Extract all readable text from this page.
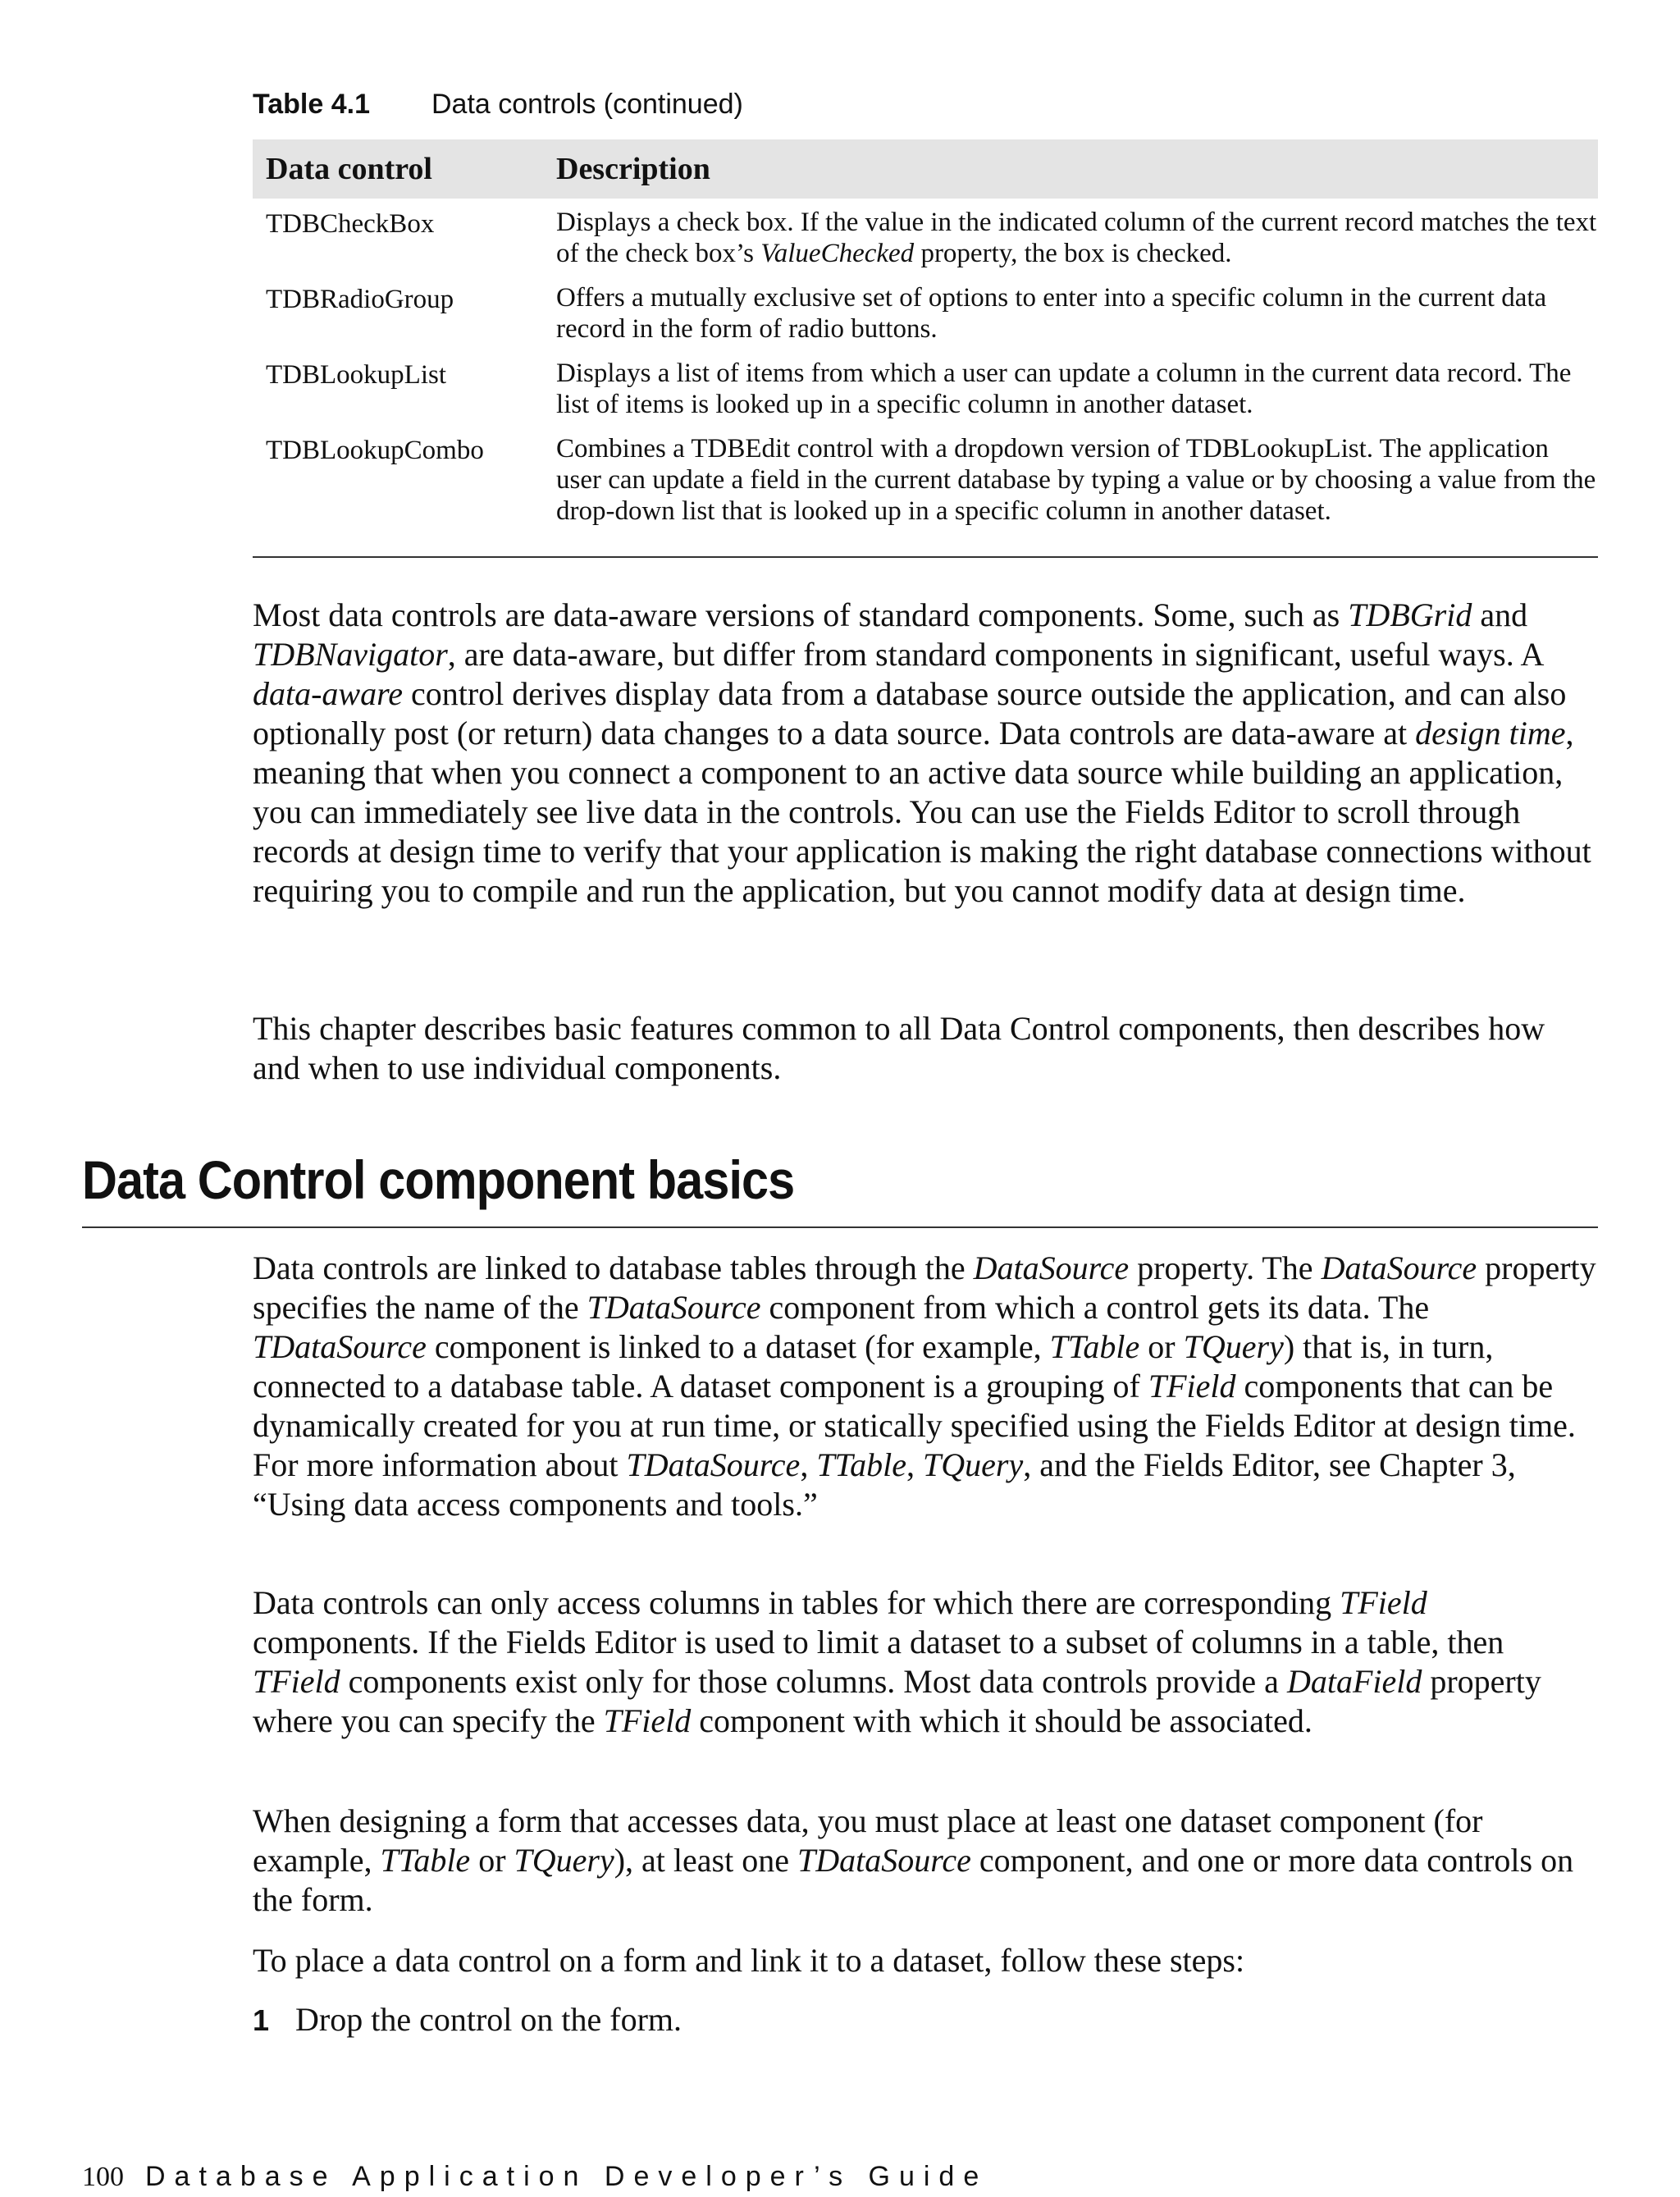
Table 4.1 Data controls (continued)
Data control	Description
TDBCheckBox	Displays a check box. If the value in the indicated column of the current record matches the text of the check box’s ValueChecked property, the box is checked.
TDBRadioGroup	Offers a mutually exclusive set of options to enter into a specific column in the current data record in the form of radio buttons.
TDBLookupList	Displays a list of items from which a user can update a column in the current data record. The list of items is looked up in a specific column in another dataset.
TDBLookupCombo	Combines a TDBEdit control with a dropdown version of TDBLookupList. The application user can update a field in the current database by typing a value or by choosing a value from the drop-down list that is looked up in a specific column in another dataset.

Most data controls are data-aware versions of standard components. Some, such as TDBGrid and TDBNavigator, are data-aware, but differ from standard components in significant, useful ways. A data-aware control derives display data from a database source outside the application, and can also optionally post (or return) data changes to a data source. Data controls are data-aware at design time, meaning that when you connect a component to an active data source while building an application, you can immediately see live data in the controls. You can use the Fields Editor to scroll through records at design time to verify that your application is making the right database connections without requiring you to compile and run the application, but you cannot modify data at design time.

This chapter describes basic features common to all Data Control components, then describes how and when to use individual components.

Data Control component basics

Data controls are linked to database tables through the DataSource property. The DataSource property specifies the name of the TDataSource component from which a control gets its data. The TDataSource component is linked to a dataset (for example, TTable or TQuery) that is, in turn, connected to a database table. A dataset component is a grouping of TField components that can be dynamically created for you at run time, or statically specified using the Fields Editor at design time. For more information about TDataSource, TTable, TQuery, and the Fields Editor, see Chapter 3, “Using data access components and tools.”

Data controls can only access columns in tables for which there are corresponding TField components. If the Fields Editor is used to limit a dataset to a subset of columns in a table, then TField components exist only for those columns. Most data controls provide a DataField property where you can specify the TField component with which it should be associated.

When designing a form that accesses data, you must place at least one dataset component (for example, TTable or TQuery), at least one TDataSource component, and one or more data controls on the form.

To place a data control on a form and link it to a dataset, follow these steps:

1 Drop the control on the form.
100 Database Application Developer’s Guide
